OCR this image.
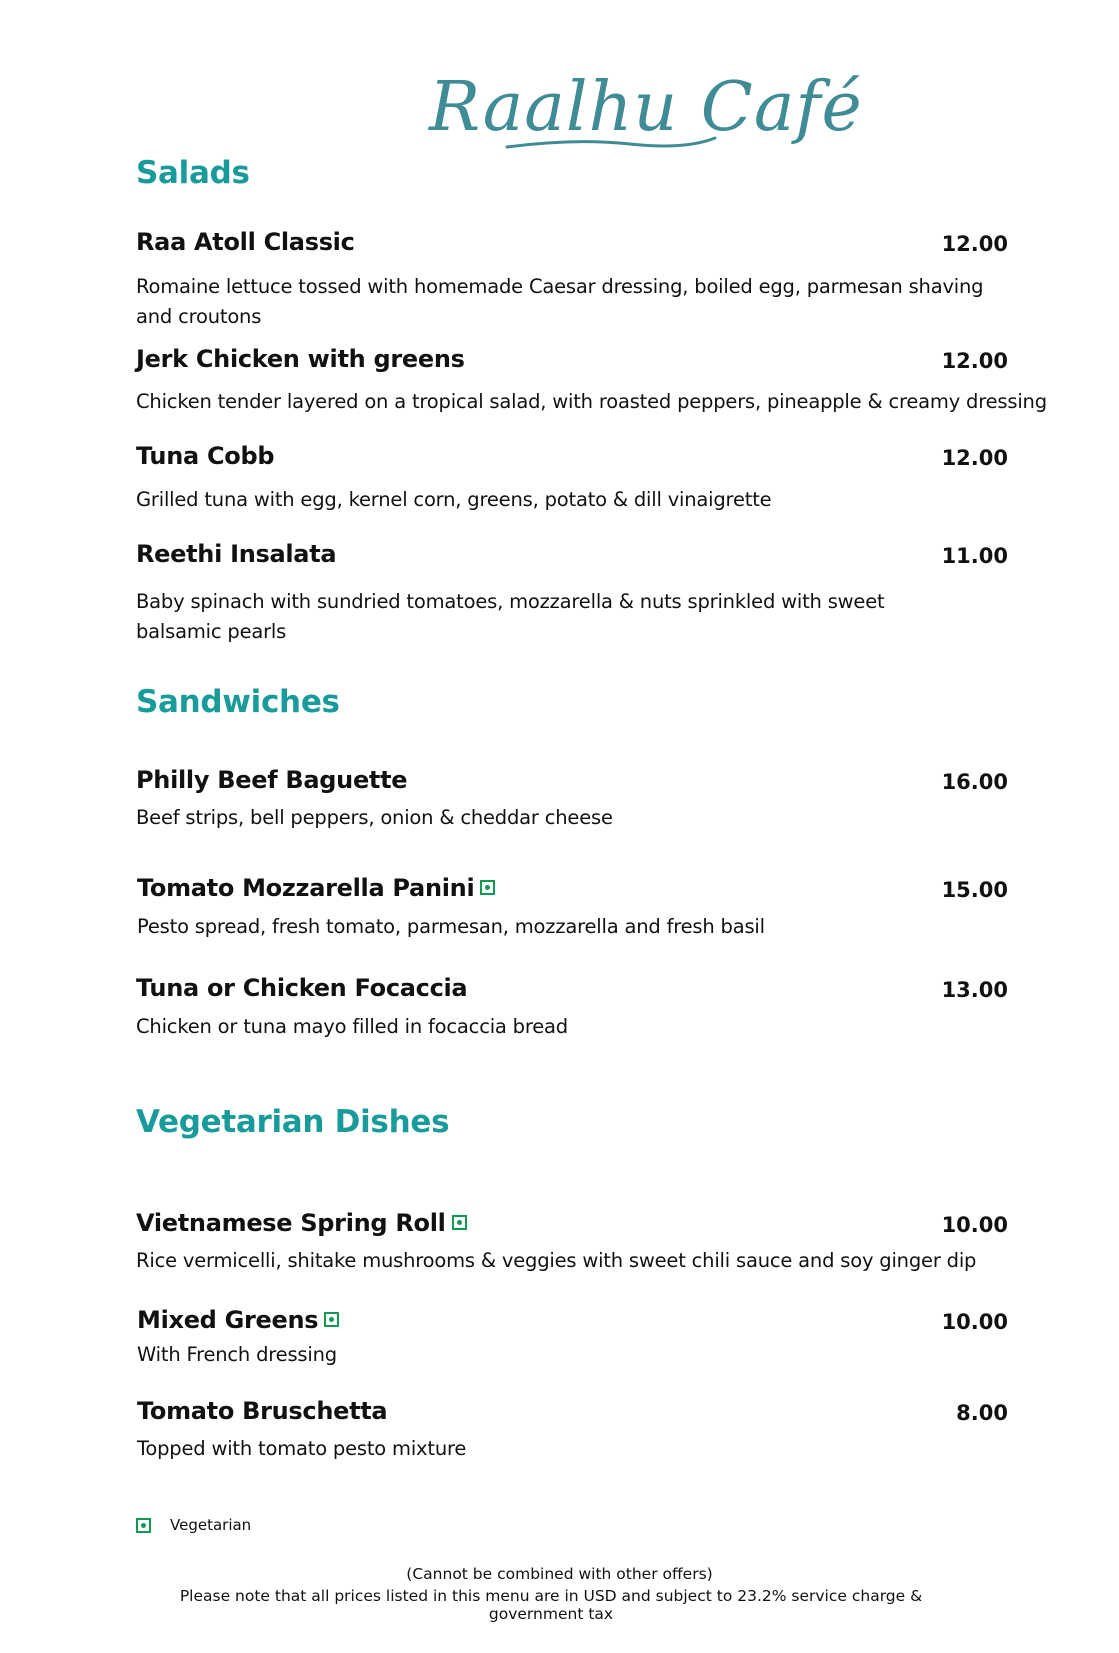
Raalhu Café
Salads
Raa Atoll Classic	12.00

Romaine lettuce tossed with homemade Caesar dressing, boiled egg, parmesan shaving and croutons

Jerk Chicken with greens	12.00

Chicken tender layered on a tropical salad, with roasted peppers, pineapple & creamy dressing

Tuna Cobb	12.00

Grilled tuna with egg, kernel corn, greens, potato & dill vinaigrette

Reethi Insalata	11.00

Baby spinach with sundried tomatoes, mozzarella & nuts sprinkled with sweet balsamic pearls

Sandwiches
Philly Beef Baguette	16.00

Beef strips, bell peppers, onion & cheddar cheese

Tomato Mozzarella Panini	15.00

Pesto spread, fresh tomato, parmesan, mozzarella and fresh basil

Tuna or Chicken Focaccia	13.00

Chicken or tuna mayo filled in focaccia bread

Vegetarian Dishes
Vietnamese Spring Roll	10.00

Rice vermicelli, shitake mushrooms & veggies with sweet chili sauce and soy ginger dip

Mixed Greens	10.00

With French dressing

Tomato Bruschetta	8.00

Topped with tomato pesto mixture

Vegetarian

(Cannot be combined with other offers)

Please note that all prices listed in this menu are in USD and subject to 23.2% service charge & government tax
